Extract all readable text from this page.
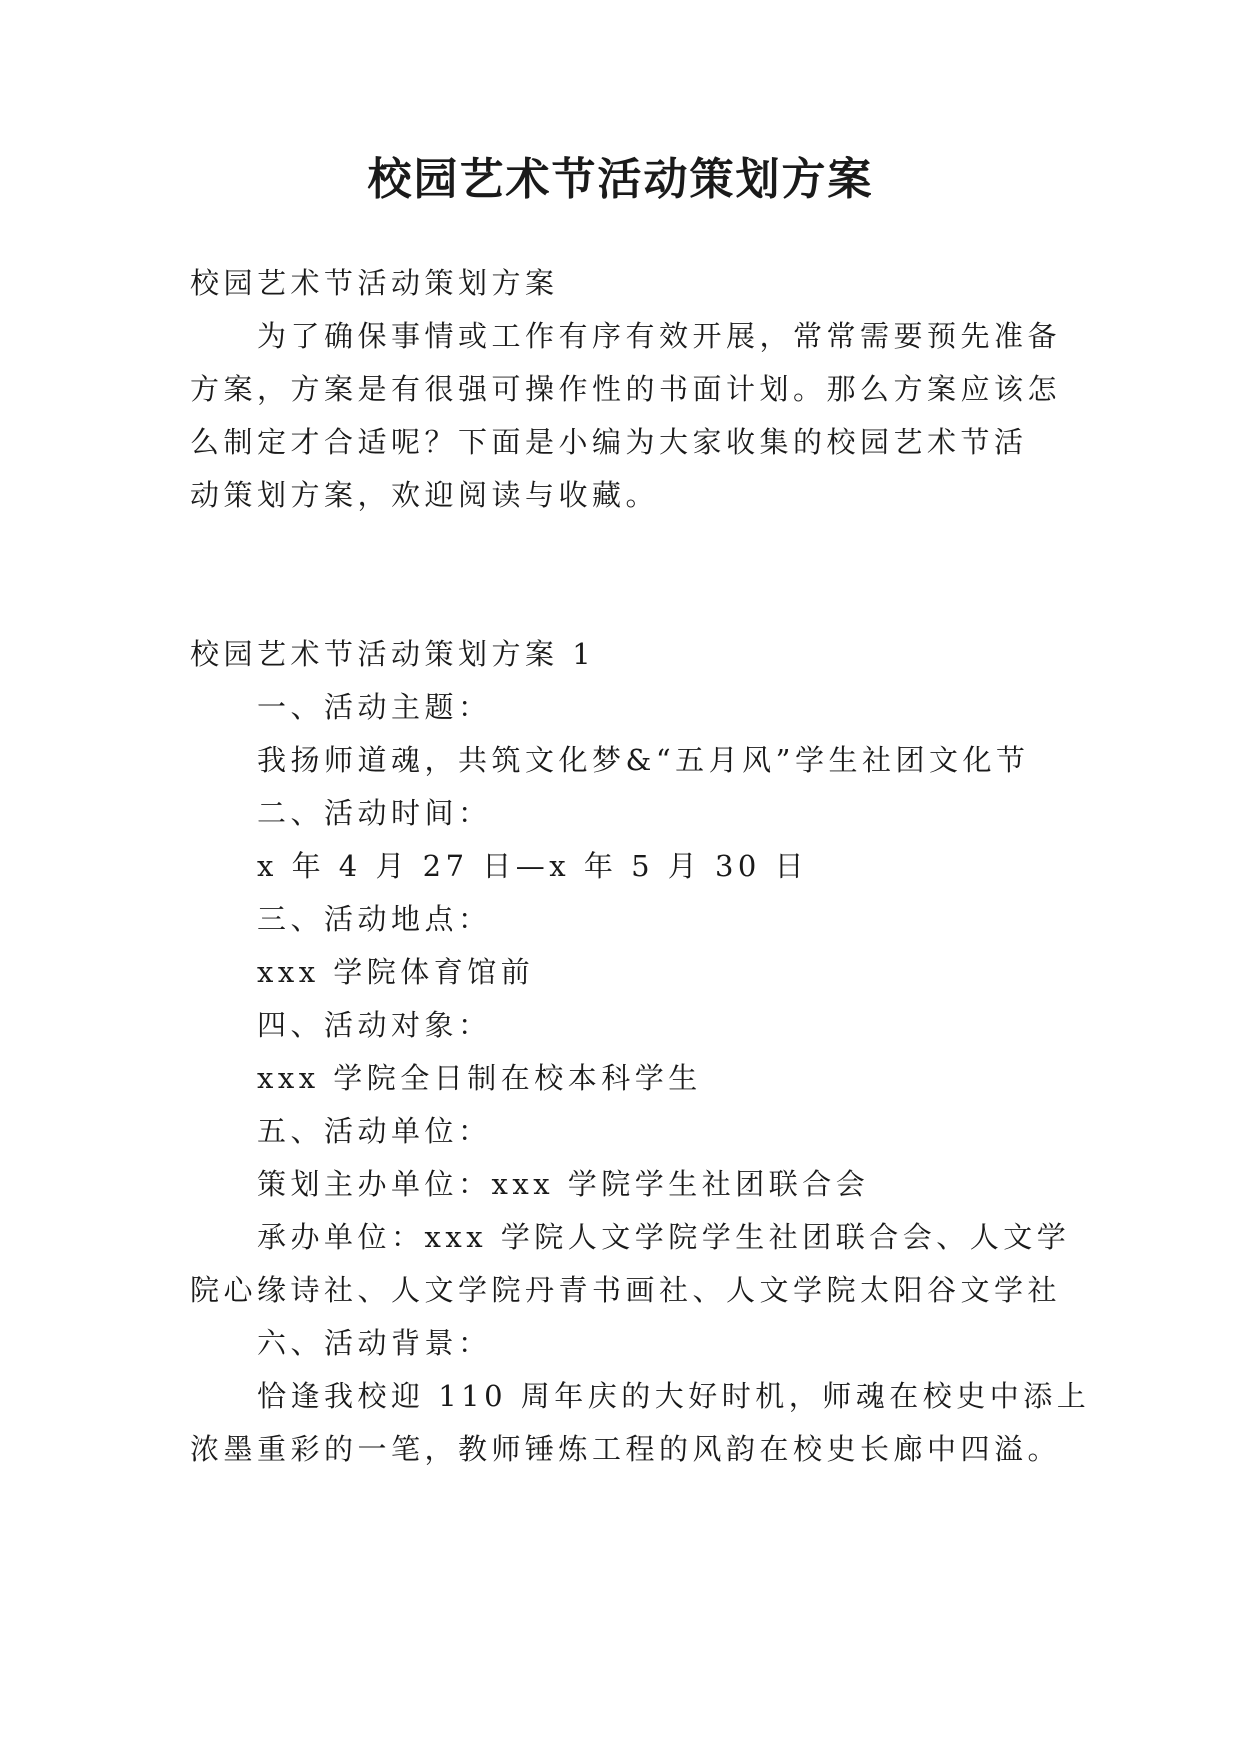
校园艺术节活动策划方案

校园艺术节活动策划方案

为了确保事情或工作有序有效开展，常常需要预先准备

方案，方案是有很强可操作性的书面计划。那么方案应该怎

么制定才合适呢？下面是小编为大家收集的校园艺术节活

动策划方案，欢迎阅读与收藏。

校园艺术节活动策划方案 1

一、活动主题：

我扬师道魂，共筑文化梦&“五月风”学生社团文化节

二、活动时间：

x 年 4 月 27 日—x 年 5 月 30 日

三、活动地点：

xxx 学院体育馆前

四、活动对象：

xxx 学院全日制在校本科学生

五、活动单位：

策划主办单位：xxx 学院学生社团联合会

承办单位：xxx 学院人文学院学生社团联合会、人文学

院心缘诗社、人文学院丹青书画社、人文学院太阳谷文学社

六、活动背景：

恰逢我校迎 110 周年庆的大好时机，师魂在校史中添上

浓墨重彩的一笔，教师锤炼工程的风韵在校史长廊中四溢。
